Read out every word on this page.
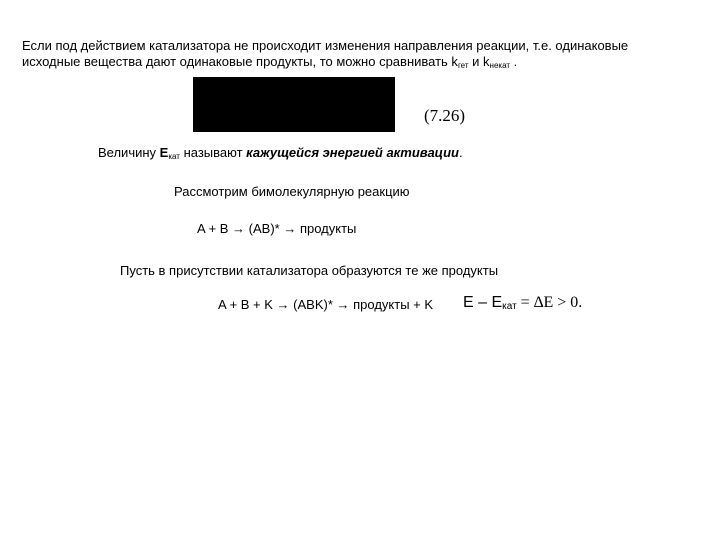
Если под действием катализатора не происходит изменения направления реакции, т.е. одинаковые
исходные вещества дают одинаковые продукты, то можно сравнивать $k_{гет}$ и $k_{некат}$ .
(7.26)
Величину $E_{кат}$ называют кажущейся энергией активации.
Рассмотрим бимолекулярную реакцию
A + B → (AB)* → продукты
Пусть в присутствии катализатора образуются те же продукты
A + B + K → (ABK)* → продукты + K $E - E_{кат} = \Delta E > 0$.
